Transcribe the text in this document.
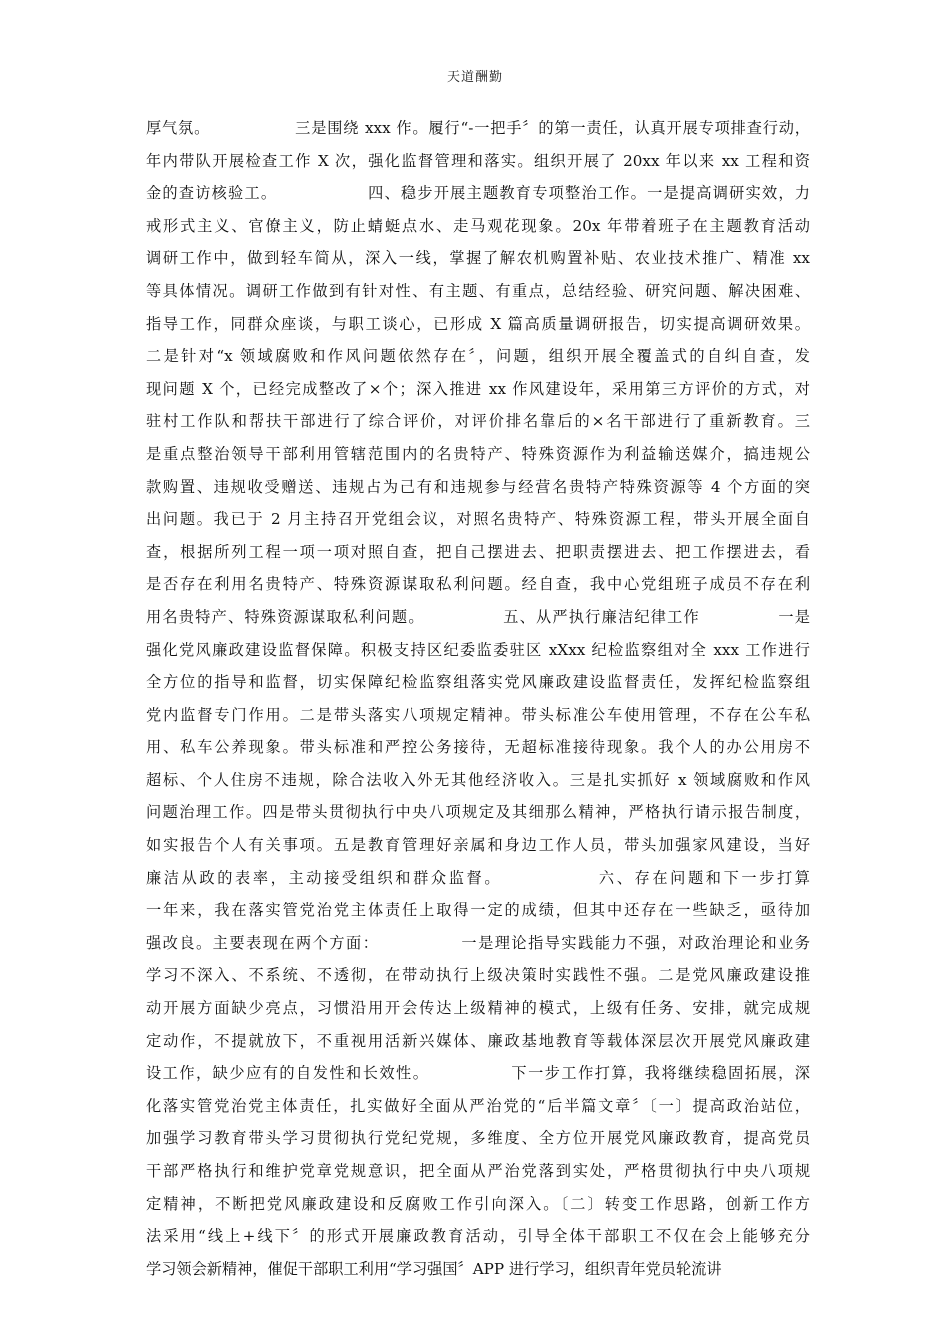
天道酬勤
厚气氛。               三是围绕 xxx 作。履行“-一把手〞的第一责任，认真开展专项排查行动，
年内带队开展检查工作 X 次，强化监督管理和落实。组织开展了 20xx 年以来 xx 工程和资
金的查访核验工。               四、稳步开展主题教育专项整治工作。一是提高调研实效，力
戒形式主义、官僚主义，防止蜻蜓点水、走马观花现象。20x 年带着班子在主题教育活动
调研工作中，做到轻车简从，深入一线，掌握了解农机购置补贴、农业技术推广、精准 xx
等具体情况。调研工作做到有针对性、有主题、有重点，总结经验、研究问题、解决困难、
指导工作，同群众座谈，与职工谈心，已形成 X 篇高质量调研报告，切实提高调研效果。
二是针对“x 领域腐败和作风问题依然存在〞，问题，组织开展全覆盖式的自纠自查，发
现问题 X 个，已经完成整改了×个；深入推进 xx 作风建设年，采用第三方评价的方式，对
驻村工作队和帮扶干部进行了综合评价，对评价排名靠后的×名干部进行了重新教育。三
是重点整治领导干部利用管辖范围内的名贵特产、特殊资源作为利益输送媒介，搞违规公
款购置、违规收受赠送、违规占为己有和违规参与经营名贵特产特殊资源等 4 个方面的突
出问题。我已于 2 月主持召开党组会议，对照名贵特产、特殊资源工程，带头开展全面自
查，根据所列工程一项一项对照自查，把自己摆进去、把职责摆进去、把工作摆进去，看
是否存在利用名贵特产、特殊资源谋取私利问题。经自查，我中心党组班子成员不存在利
用名贵特产、特殊资源谋取私利问题。             五、从严执行廉洁纪律工作             一是
强化党风廉政建设监督保障。积极支持区纪委监委驻区 xXxx 纪检监察组对全 xxx 工作进行
全方位的指导和监督，切实保障纪检监察组落实党风廉政建设监督责任，发挥纪检监察组
党内监督专门作用。二是带头落实八项规定精神。带头标准公车使用管理，不存在公车私
用、私车公养现象。带头标准和严控公务接待，无超标准接待现象。我个人的办公用房不
超标、个人住房不违规，除合法收入外无其他经济收入。三是扎实抓好 x 领域腐败和作风
问题治理工作。四是带头贯彻执行中央八项规定及其细那么精神，严格执行请示报告制度，
如实报告个人有关事项。五是教育管理好亲属和身边工作人员，带头加强家风建设，当好
廉洁从政的表率，主动接受组织和群众监督。             六、存在问题和下一步打算
一年来，我在落实管党治党主体责任上取得一定的成绩，但其中还存在一些缺乏，亟待加
强改良。主要表现在两个方面：             一是理论指导实践能力不强，对政治理论和业务
学习不深入、不系统、不透彻，在带动执行上级决策时实践性不强。二是党风廉政建设推
动开展方面缺少亮点，习惯沿用开会传达上级精神的模式，上级有任务、安排，就完成规
定动作，不提就放下，不重视用活新兴媒体、廉政基地教育等载体深层次开展党风廉政建
设工作，缺少应有的自发性和长效性。             下一步工作打算，我将继续稳固拓展，深
化落实管党治党主体责任，扎实做好全面从严治党的“后半篇文章〞〔一〕提高政治站位，
加强学习教育带头学习贯彻执行党纪党规，多维度、全方位开展党风廉政教育，提高党员
干部严格执行和维护党章党规意识，把全面从严治党落到实处，严格贯彻执行中央八项规
定精神，不断把党风廉政建设和反腐败工作引向深入。〔二〕转变工作思路，创新工作方
法采用“线上+线下〞的形式开展廉政教育活动，引导全体干部职工不仅在会上能够充分
学习领会新精神，催促干部职工利用“学习强国〞APP 进行学习，组织青年党员轮流讲
